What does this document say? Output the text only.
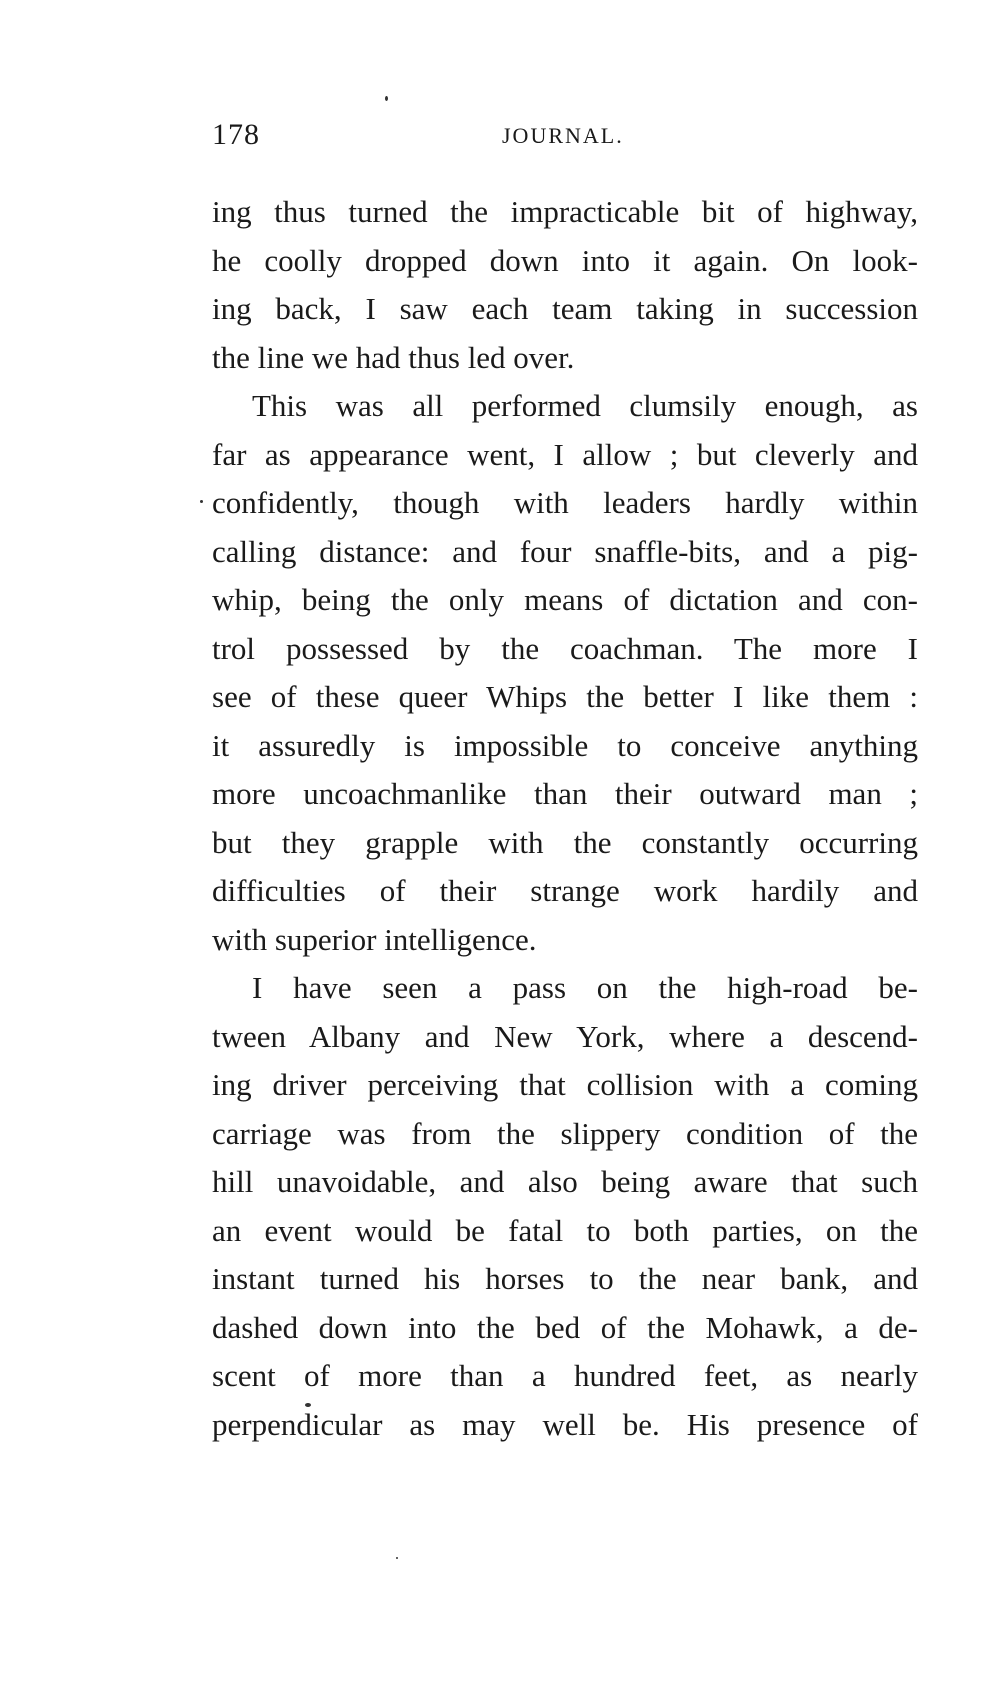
178	JOURNAL.
ing thus turned the impracticable bit of highway,
he coolly dropped down into it again. On look-
ing back, I saw each team taking in succession
the line we had thus led over.
This was all performed clumsily enough, as
far as appearance went, I allow ; but cleverly and
confidently, though with leaders hardly within
calling distance: and four snaffle-bits, and a pig-
whip, being the only means of dictation and con-
trol possessed by the coachman. The more I
see of these queer Whips the better I like them :
it assuredly is impossible to conceive anything
more uncoachmanlike than their outward man ;
but they grapple with the constantly occurring
difficulties of their strange work hardily and
with superior intelligence.
I have seen a pass on the high-road be-
tween Albany and New York, where a descend-
ing driver perceiving that collision with a coming
carriage was from the slippery condition of the
hill unavoidable, and also being aware that such
an event would be fatal to both parties, on the
instant turned his horses to the near bank, and
dashed down into the bed of the Mohawk, a de-
scent of more than a hundred feet, as nearly
perpendicular as may well be. His presence of
